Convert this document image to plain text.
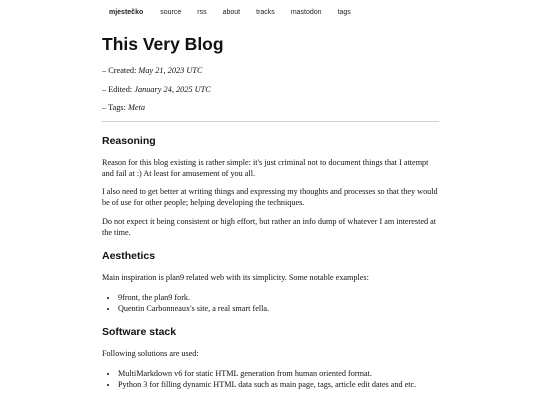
mjestečko source rss about tracks mastodon tags
This Very Blog
– Created: May 21, 2023 UTC
– Edited: January 24, 2025 UTC
– Tags: Meta
Reasoning

Reason for this blog existing is rather simple: it's just criminal not to document things that I attempt and fail at :) At least for amusement of you all.

I also need to get better at writing things and expressing my thoughts and processes so that they would be of use for other people; helping developing the techniques.

Do not expect it being consistent or high effort, but rather an info dump of whatever I am interested at the time.

Aesthetics

Main inspiration is plan9 related web with its simplicity. Some notable examples:

• 9front, the plan9 fork.
• Quentin Carbonneaux's site, a real smart fella.
Software stack

Following solutions are used:

• MultiMarkdown v6 for static HTML generation from human oriented format.
• Python 3 for filling dynamic HTML data such as main page, tags, article edit dates and etc.
